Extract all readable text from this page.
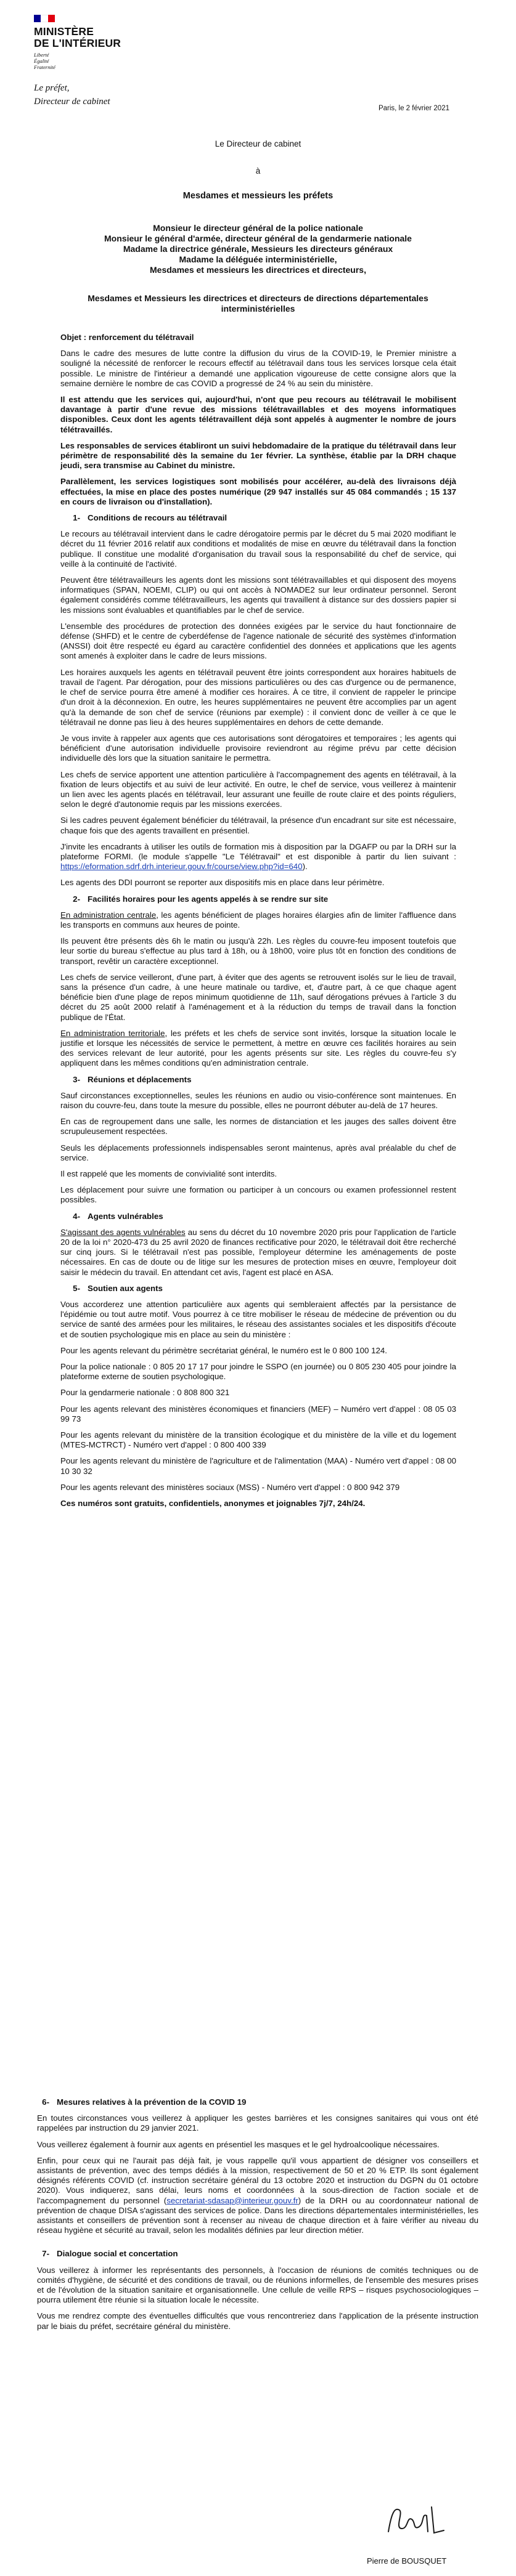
MINISTÈRE
DE L'INTÉRIEUR
Liberté
Égalité
Fraternité
Le préfet,
Directeur de cabinet
Paris, le 2 février 2021
Le Directeur de cabinet
à
Mesdames et messieurs les préfets
Monsieur le directeur général de la police nationale
Monsieur le général d'armée, directeur général de la gendarmerie nationale
Madame la directrice générale, Messieurs les directeurs généraux
Madame la déléguée interministérielle,
Mesdames et messieurs les directrices et directeurs,
Mesdames et Messieurs les directrices et directeurs de directions départementales interministérielles

Objet : renforcement du télétravail

Dans le cadre des mesures de lutte contre la diffusion du virus de la COVID-19, le Premier ministre a souligné la nécessité de renforcer le recours effectif au télétravail dans tous les services lorsque cela était possible. Le ministre de l'intérieur a demandé une application vigoureuse de cette consigne alors que la semaine dernière le nombre de cas COVID a progressé de 24 % au sein du ministère.

Il est attendu que les services qui, aujourd'hui, n'ont que peu recours au télétravail le mobilisent davantage à partir d'une revue des missions télétravaillables et des moyens informatiques disponibles. Ceux dont les agents télétravaillent déjà sont appelés à augmenter le nombre de jours télétravaillés.

Les responsables de services établiront un suivi hebdomadaire de la pratique du télétravail dans leur périmètre de responsabilité dès la semaine du 1er février. La synthèse, établie par la DRH chaque jeudi, sera transmise au Cabinet du ministre.

Parallèlement, les services logistiques sont mobilisés pour accélérer, au-delà des livraisons déjà effectuées, la mise en place des postes numérique (29 947 installés sur 45 084 commandés ; 15 137 en cours de livraison ou d'installation).

1- Conditions de recours au télétravail

Le recours au télétravail intervient dans le cadre dérogatoire permis par le décret du 5 mai 2020 modifiant le décret du 11 février 2016 relatif aux conditions et modalités de mise en œuvre du télétravail dans la fonction publique. Il constitue une modalité d'organisation du travail sous la responsabilité du chef de service, qui veille à la continuité de l'activité.

Peuvent être télétravailleurs les agents dont les missions sont télétravaillables et qui disposent des moyens informatiques (SPAN, NOEMI, CLIP) ou qui ont accès à NOMADE2 sur leur ordinateur personnel. Seront également considérés comme télétravailleurs, les agents qui travaillent à distance sur des dossiers papier si les missions sont évaluables et quantifiables par le chef de service.

L'ensemble des procédures de protection des données exigées par le service du haut fonctionnaire de défense (SHFD) et le centre de cyberdéfense de l'agence nationale de sécurité des systèmes d'information (ANSSI) doit être respecté eu égard au caractère confidentiel des données et applications que les agents sont amenés à exploiter dans le cadre de leurs missions.

Les horaires auxquels les agents en télétravail peuvent être joints correspondent aux horaires habituels de travail de l'agent. Par dérogation, pour des missions particulières ou des cas d'urgence ou de permanence, le chef de service pourra être amené à modifier ces horaires. À ce titre, il convient de rappeler le principe d'un droit à la déconnexion. En outre, les heures supplémentaires ne peuvent être accomplies par un agent qu'à la demande de son chef de service (réunions par exemple) : il convient donc de veiller à ce que le télétravail ne donne pas lieu à des heures supplémentaires en dehors de cette demande.

Je vous invite à rappeler aux agents que ces autorisations sont dérogatoires et temporaires ; les agents qui bénéficient d'une autorisation individuelle provisoire reviendront au régime prévu par cette décision individuelle dès lors que la situation sanitaire le permettra.

Les chefs de service apportent une attention particulière à l'accompagnement des agents en télétravail, à la fixation de leurs objectifs et au suivi de leur activité. En outre, le chef de service, vous veillerez à maintenir un lien avec les agents placés en télétravail, leur assurant une feuille de route claire et des points réguliers, selon le degré d'autonomie requis par les missions exercées.

Si les cadres peuvent également bénéficier du télétravail, la présence d'un encadrant sur site est nécessaire, chaque fois que des agents travaillent en présentiel.

J'invite les encadrants à utiliser les outils de formation mis à disposition par la DGAFP ou par la DRH sur la plateforme FORMI. (le module s'appelle "Le Télétravail" et est disponible à partir du lien suivant : https://eformation.sdrf.drh.interieur.gouv.fr/course/view.php?id=640).

Les agents des DDI pourront se reporter aux dispositifs mis en place dans leur périmètre.

2- Facilités horaires pour les agents appelés à se rendre sur site

En administration centrale, les agents bénéficient de plages horaires élargies afin de limiter l'affluence dans les transports en communs aux heures de pointe.

Ils peuvent être présents dès 6h le matin ou jusqu'à 22h. Les règles du couvre-feu imposent toutefois que leur sortie du bureau s'effectue au plus tard à 18h, ou à 18h00, voire plus tôt en fonction des conditions de transport, revêtir un caractère exceptionnel.

Les chefs de service veilleront, d'une part, à éviter que des agents se retrouvent isolés sur le lieu de travail, sans la présence d'un cadre, à une heure matinale ou tardive, et, d'autre part, à ce que chaque agent bénéficie bien d'une plage de repos minimum quotidienne de 11h, sauf dérogations prévues à l'article 3 du décret du 25 août 2000 relatif à l'aménagement et à la réduction du temps de travail dans la fonction publique de l'État.

En administration territoriale, les préfets et les chefs de service sont invités, lorsque la situation locale le justifie et lorsque les nécessités de service le permettent, à mettre en œuvre ces facilités horaires au sein des services relevant de leur autorité, pour les agents présents sur site. Les règles du couvre-feu s'y appliquent dans les mêmes conditions qu'en administration centrale.

3- Réunions et déplacements

Sauf circonstances exceptionnelles, seules les réunions en audio ou visio-conférence sont maintenues. En raison du couvre-feu, dans toute la mesure du possible, elles ne pourront débuter au-delà de 17 heures.

En cas de regroupement dans une salle, les normes de distanciation et les jauges des salles doivent être scrupuleusement respectées.

Seuls les déplacements professionnels indispensables seront maintenus, après aval préalable du chef de service.

Il est rappelé que les moments de convivialité sont interdits.

Les déplacement pour suivre une formation ou participer à un concours ou examen professionnel restent possibles.

4- Agents vulnérables

S'agissant des agents vulnérables au sens du décret du 10 novembre 2020 pris pour l'application de l'article 20 de la loi n° 2020-473 du 25 avril 2020 de finances rectificative pour 2020, le télétravail doit être recherché sur cinq jours. Si le télétravail n'est pas possible, l'employeur détermine les aménagements de poste nécessaires. En cas de doute ou de litige sur les mesures de protection mises en œuvre, l'employeur doit saisir le médecin du travail. En attendant cet avis, l'agent est placé en ASA.

5- Soutien aux agents

Vous accorderez une attention particulière aux agents qui sembleraient affectés par la persistance de l'épidémie ou tout autre motif. Vous pourrez à ce titre mobiliser le réseau de médecine de prévention ou du service de santé des armées pour les militaires, le réseau des assistantes sociales et les dispositifs d'écoute et de soutien psychologique mis en place au sein du ministère :

Pour les agents relevant du périmètre secrétariat général, le numéro est le 0 800 100 124.

Pour la police nationale : 0 805 20 17 17 pour joindre le SSPO (en journée) ou 0 805 230 405 pour joindre la plateforme externe de soutien psychologique.

Pour la gendarmerie nationale : 0 808 800 321

Pour les agents relevant des ministères économiques et financiers (MEF) – Numéro vert d'appel : 08 05 03 99 73

Pour les agents relevant du ministère de la transition écologique et du ministère de la ville et du logement (MTES-MCTRCT) - Numéro vert d'appel : 0 800 400 339

Pour les agents relevant du ministère de l'agriculture et de l'alimentation (MAA) - Numéro vert d'appel : 08 00 10 30 32

Pour les agents relevant des ministères sociaux (MSS) - Numéro vert d'appel : 0 800 942 379

Ces numéros sont gratuits, confidentiels, anonymes et joignables 7j/7, 24h/24.

6- Mesures relatives à la prévention de la COVID 19

En toutes circonstances vous veillerez à appliquer les gestes barrières et les consignes sanitaires qui vous ont été rappelées par instruction du 29 janvier 2021.

Vous veillerez également à fournir aux agents en présentiel les masques et le gel hydroalcoolique nécessaires.

Enfin, pour ceux qui ne l'aurait pas déjà fait, je vous rappelle qu'il vous appartient de désigner vos conseillers et assistants de prévention, avec des temps dédiés à la mission, respectivement de 50 et 20 % ETP. Ils sont également désignés référents COVID (cf. instruction secrétaire général du 13 octobre 2020 et instruction du DGPN du 01 octobre 2020). Vous indiquerez, sans délai, leurs noms et coordonnées à la sous-direction de l'action sociale et de l'accompagnement du personnel (secretariat-sdasap@interieur.gouv.fr) de la DRH ou au coordonnateur national de prévention de chaque DISA s'agissant des services de police. Dans les directions départementales interministérielles, les assistants et conseillers de prévention sont à recenser au niveau de chaque direction et à faire vérifier au niveau du réseau hygiène et sécurité au travail, selon les modalités définies par leur direction métier.

7- Dialogue social et concertation

Vous veillerez à informer les représentants des personnels, à l'occasion de réunions de comités techniques ou de comités d'hygiène, de sécurité et des conditions de travail, ou de réunions informelles, de l'ensemble des mesures prises et de l'évolution de la situation sanitaire et organisationnelle. Une cellule de veille RPS – risques psychosociologiques – pourra utilement être réunie si la situation locale le nécessite.

Vous me rendrez compte des éventuelles difficultés que vous rencontreriez dans l'application de la présente instruction par le biais du préfet, secrétaire général du ministère.

Pierre de BOUSQUET
